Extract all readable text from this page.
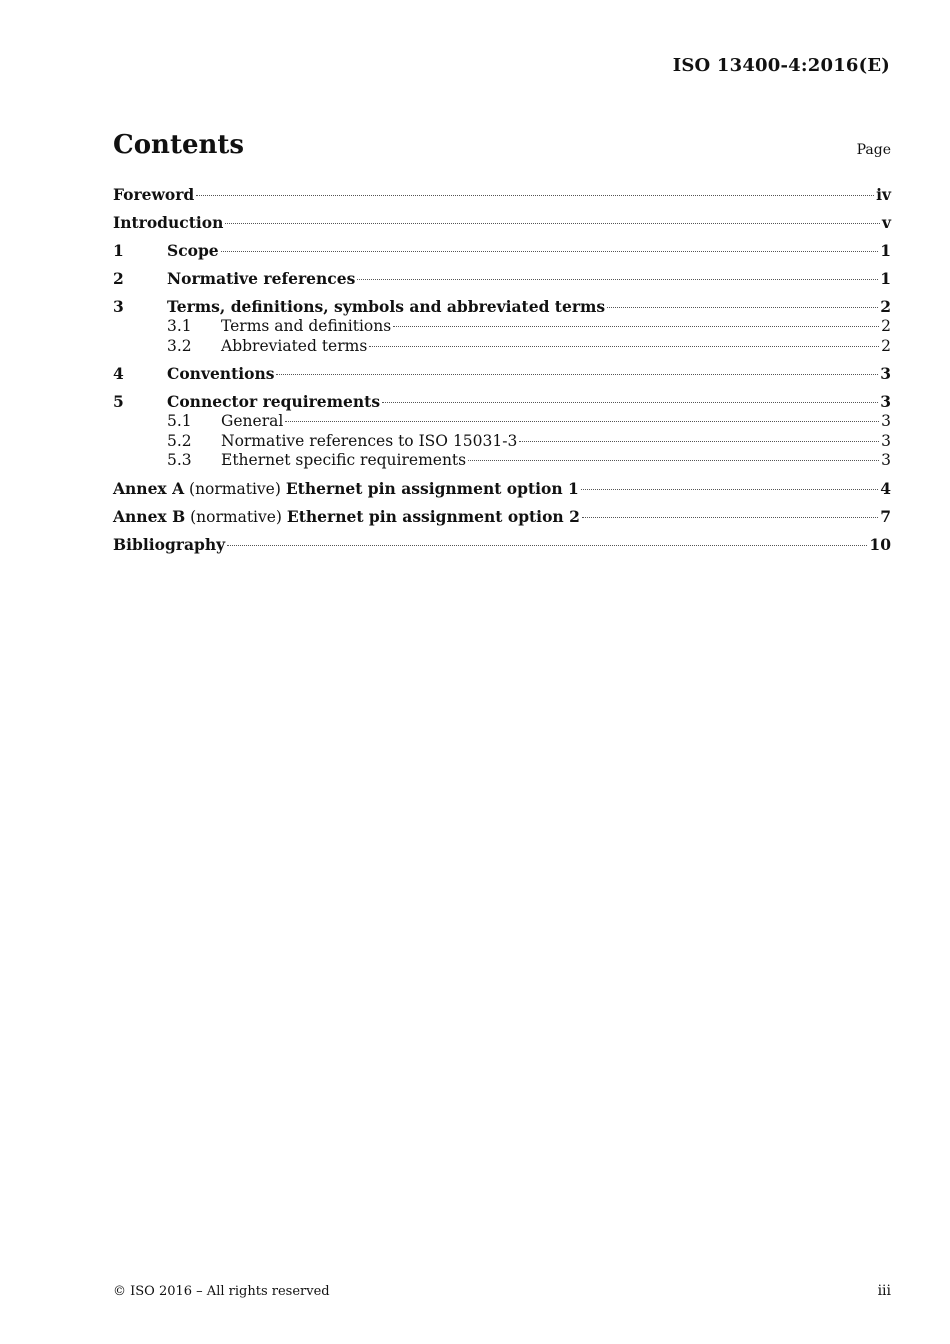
ISO 13400-4:2016(E)
Contents	Page
Foreword	iv
Introduction	v
1	Scope	1
2	Normative references	1
3	Terms, definitions, symbols and abbreviated terms	2
3.1	Terms and definitions	2
3.2	Abbreviated terms	2
4	Conventions	3
5	Connector requirements	3
5.1	General	3
5.2	Normative references to ISO 15031-3	3
5.3	Ethernet specific requirements	3
Annex A (normative) Ethernet pin assignment option 1	4
Annex B (normative) Ethernet pin assignment option 2	7
Bibliography	10
© ISO 2016 – All rights reserved	iii
